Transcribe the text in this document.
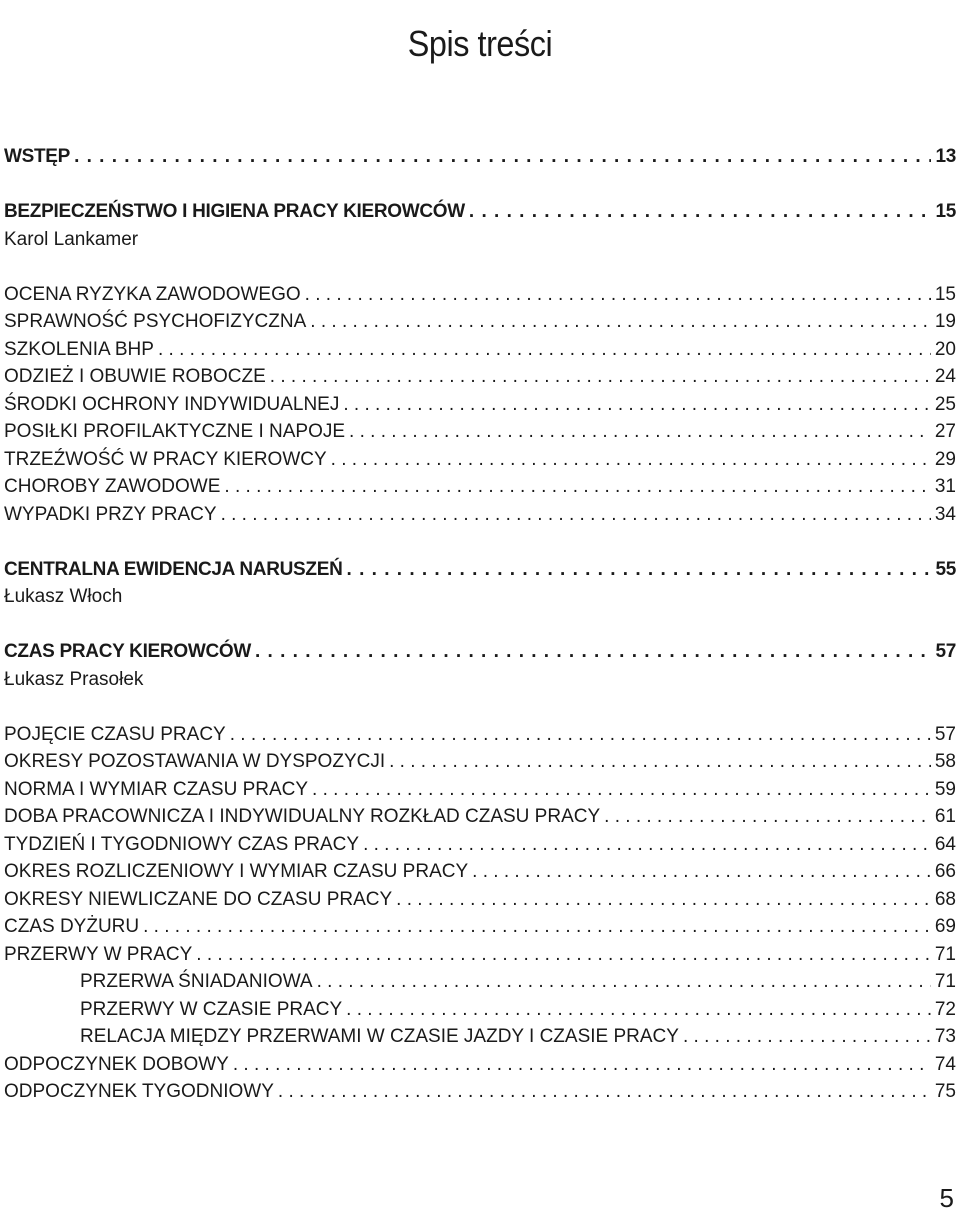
Spis treści
WSTĘP . . .	13
BEZPIECZEŃSTWO I HIGIENA PRACY KIEROWCÓW . . .	15
Karol Lankamer
OCENA RYZYKA ZAWODOWEGO . . .	15
SPRAWNOŚĆ PSYCHOFIZYCZNA . . .	19
SZKOLENIA BHP . . .	20
ODZIEŻ I OBUWIE ROBOCZE . . .	24
ŚRODKI OCHRONY INDYWIDUALNEJ . . .	25
POSIŁKI PROFILAKTYCZNE I NAPOJE . . .	27
TRZEŹWOŚĆ W PRACY KIEROWCY . . .	29
CHOROBY ZAWODOWE . . .	31
WYPADKI PRZY PRACY . . .	34
CENTRALNA EWIDENCJA NARUSZEŃ . . .	55
Łukasz Włoch
CZAS PRACY KIEROWCÓW . . .	57
Łukasz Prasołek
POJĘCIE CZASU PRACY . . .	57
OKRESY POZOSTAWANIA W DYSPOZYCJI . . .	58
NORMA I WYMIAR CZASU PRACY . . .	59
DOBA PRACOWNICZA I INDYWIDUALNY ROZKŁAD CZASU PRACY . . .	61
TYDZIEŃ I TYGODNIOWY CZAS PRACY . . .	64
OKRES ROZLICZENIOWY I WYMIAR CZASU PRACY . . .	66
OKRESY NIEWLICZANE DO CZASU PRACY . . .	68
CZAS DYŻURU . . .	69
PRZERWY W PRACY . . .	71
PRZERWA ŚNIADANIOWA . . .	71
PRZERWY W CZASIE PRACY . . .	72
RELACJA MIĘDZY PRZERWAMI W CZASIE JAZDY I CZASIE PRACY . . .	73
ODPOCZYNEK DOBOWY . . .	74
ODPOCZYNEK TYGODNIOWY . . .	75
5
